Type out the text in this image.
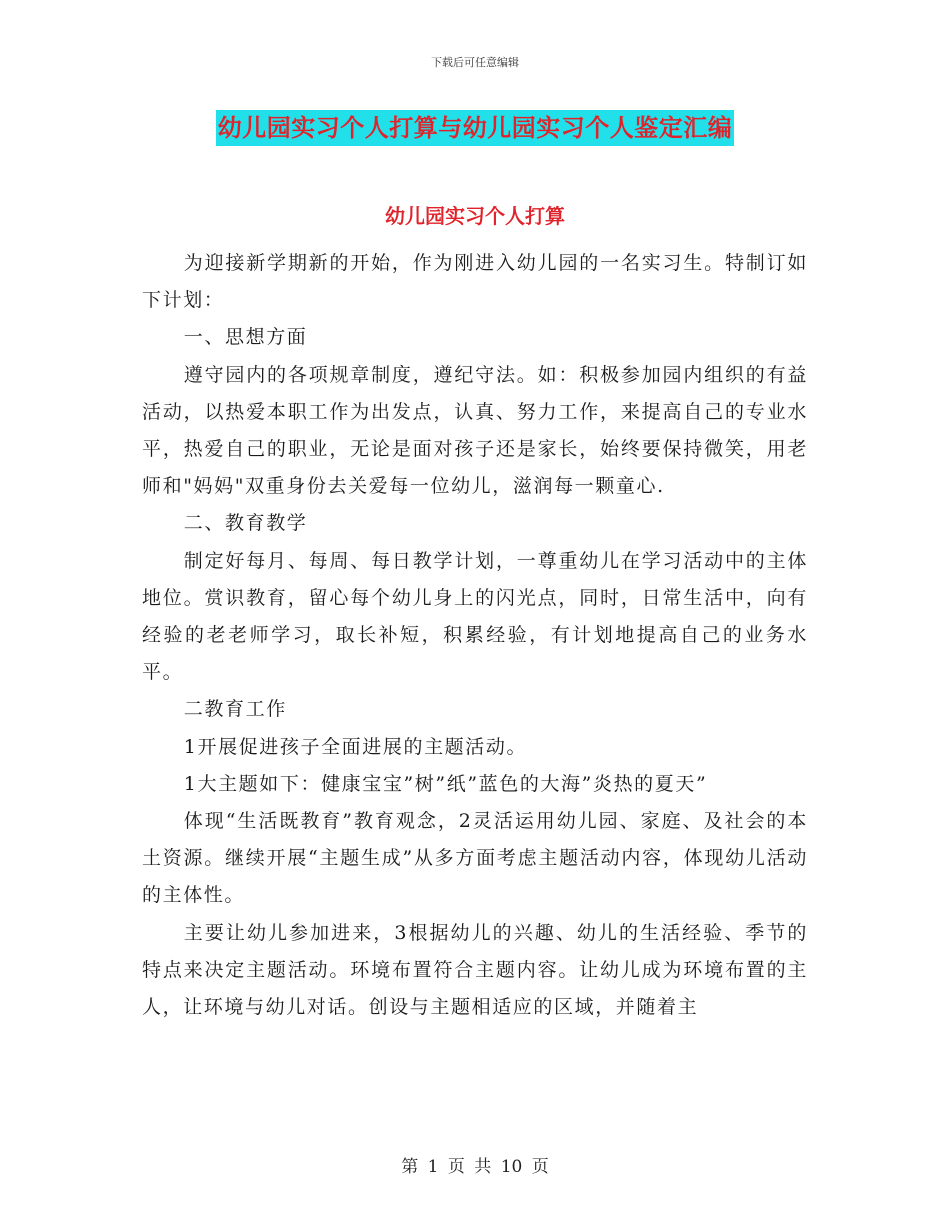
下载后可任意编辑
幼儿园实习个人打算与幼儿园实习个人鉴定汇编
幼儿园实习个人打算

为迎接新学期新的开始，作为刚进入幼儿园的一名实习生。特制订如下计划：

一、思想方面

遵守园内的各项规章制度，遵纪守法。如：积极参加园内组织的有益活动，以热爱本职工作为出发点，认真、努力工作，来提高自己的专业水平，热爱自己的职业，无论是面对孩子还是家长，始终要保持微笑，用老师和"妈妈"双重身份去关爱每一位幼儿，滋润每一颗童心.

二、教育教学

制定好每月、每周、每日教学计划，一尊重幼儿在学习活动中的主体地位。赏识教育，留心每个幼儿身上的闪光点，同时，日常生活中，向有经验的老老师学习，取长补短，积累经验，有计划地提高自己的业务水平。

二教育工作

1开展促进孩子全面进展的主题活动。

1大主题如下：健康宝宝”树”纸”蓝色的大海”炎热的夏天”

体现“生活既教育”教育观念，2灵活运用幼儿园、家庭、及社会的本土资源。继续开展“主题生成”从多方面考虑主题活动内容，体现幼儿活动的主体性。

主要让幼儿参加进来，3根据幼儿的兴趣、幼儿的生活经验、季节的特点来决定主题活动。环境布置符合主题内容。让幼儿成为环境布置的主人，让环境与幼儿对话。创设与主题相适应的区域，并随着主

第 1 页 共 10 页
